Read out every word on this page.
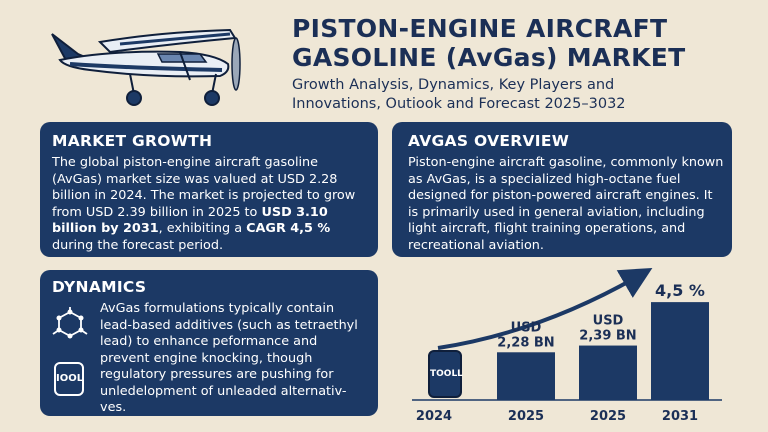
PISTON-ENGINE AIRCRAFT
GASOLINE (AvGas) MARKET
Growth Analysis, Dynamics, Key Players and
Innovations, Outiook and Forecast 2025–3032
MARKET GROWTH

The global piston-engine aircraft gasoline (AvGas) market size was valued at USD 2.28 billion in 2024. The market is projected to grow from USD 2.39 billion in 2025 to USD 3.10 billion by 2031, exhibiting a CAGR 4,5 % during the forecast period.

AVGAS OVERVIEW

Piston-engine aircraft gasoline, commonly known as AvGas, is a specialized high-octane fuel designed for piston-powered aircraft engines. It is primarily used in general aviation, including light aircraft, flight training operations, and recreational aviation.

DYNAMICS
IOOL

AvGas formulations typically contain lead-based additives (such as tetraethyl lead) to enhance peformance and prevent engine knocking, though regulatory pressures are pushing for unledelopment of unleaded alternativ-ves.

2024
USD
2,28 BN
2025
USD
2,39 BN
2025
4,5 %
2031
TOOLL
